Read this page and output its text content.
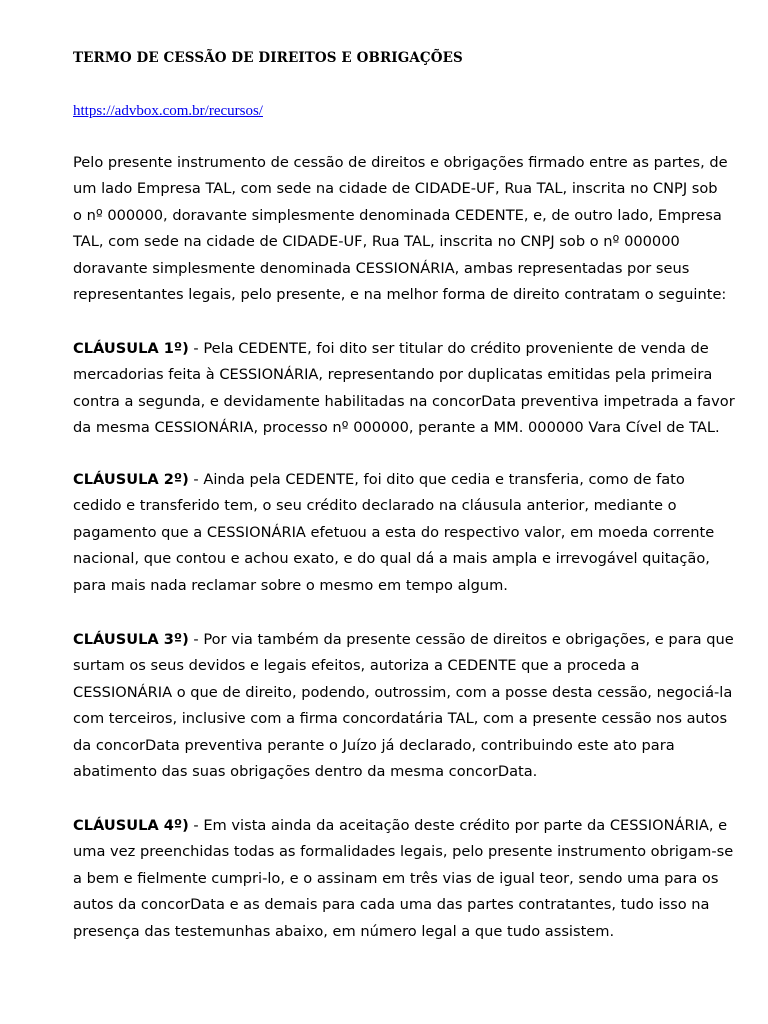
TERMO DE CESSÃO DE DIREITOS E OBRIGAÇÕES
https://advbox.com.br/recursos/

Pelo presente instrumento de cessão de direitos e obrigações firmado entre as partes, de
um lado Empresa TAL, com sede na cidade de CIDADE-UF, Rua TAL, inscrita no CNPJ sob
o nº 000000, doravante simplesmente denominada CEDENTE, e, de outro lado, Empresa
TAL, com sede na cidade de CIDADE-UF, Rua TAL, inscrita no CNPJ sob o nº 000000
doravante simplesmente denominada CESSIONÁRIA, ambas representadas por seus
representantes legais, pelo presente, e na melhor forma de direito contratam o seguinte:

CLÁUSULA 1º) - Pela CEDENTE, foi dito ser titular do crédito proveniente de venda de
mercadorias feita à CESSIONÁRIA, representando por duplicatas emitidas pela primeira
contra a segunda, e devidamente habilitadas na concorData preventiva impetrada a favor
da mesma CESSIONÁRIA, processo nº 000000, perante a MM. 000000 Vara Cível de TAL.

CLÁUSULA 2º) - Ainda pela CEDENTE, foi dito que cedia e transferia, como de fato
cedido e transferido tem, o seu crédito declarado na cláusula anterior, mediante o
pagamento que a CESSIONÁRIA efetuou a esta do respectivo valor, em moeda corrente
nacional, que contou e achou exato, e do qual dá a mais ampla e irrevogável quitação,
para mais nada reclamar sobre o mesmo em tempo algum.

CLÁUSULA 3º) - Por via também da presente cessão de direitos e obrigações, e para que
surtam os seus devidos e legais efeitos, autoriza a CEDENTE que a proceda a
CESSIONÁRIA o que de direito, podendo, outrossim, com a posse desta cessão, negociá-la
com terceiros, inclusive com a firma concordatária TAL, com a presente cessão nos autos
da concorData preventiva perante o Juízo já declarado, contribuindo este ato para
abatimento das suas obrigações dentro da mesma concorData.

CLÁUSULA 4º) - Em vista ainda da aceitação deste crédito por parte da CESSIONÁRIA, e
uma vez preenchidas todas as formalidades legais, pelo presente instrumento obrigam-se
a bem e fielmente cumpri-lo, e o assinam em três vias de igual teor, sendo uma para os
autos da concorData e as demais para cada uma das partes contratantes, tudo isso na
presença das testemunhas abaixo, em número legal a que tudo assistem.
